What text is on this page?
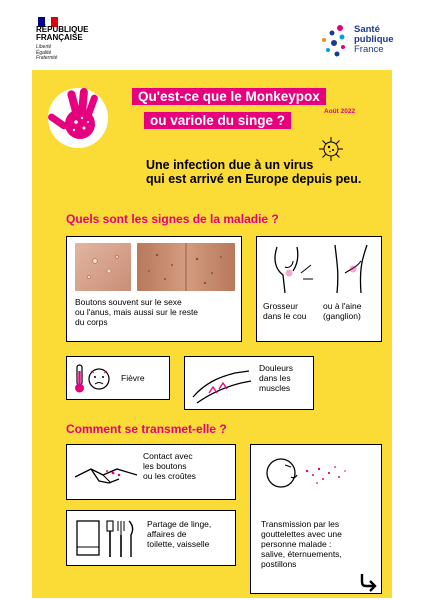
RÉPUBLIQUE
FRANÇAISE
Liberté
Égalité
Fraternité
Santé
publique
France
Qu'est-ce que le Monkeypox
ou variole du singe ?
Août 2022
Une infection due à un virus
qui est arrivé en Europe depuis peu.
Quels sont les signes de la maladie ?
Boutons souvent sur le sexe
ou l'anus, mais aussi sur le reste
du corps
Grosseur
dans le cou
ou à l'aine
(ganglion)
Fièvre
Douleurs
dans les
muscles
Comment se transmet-elle ?
Contact avec
les boutons
ou les croûtes
Transmission par les
gouttelettes avec une
personne malade :
salive, éternuements,
postillons
Partage de linge,
affaires de
toilette, vaisselle
